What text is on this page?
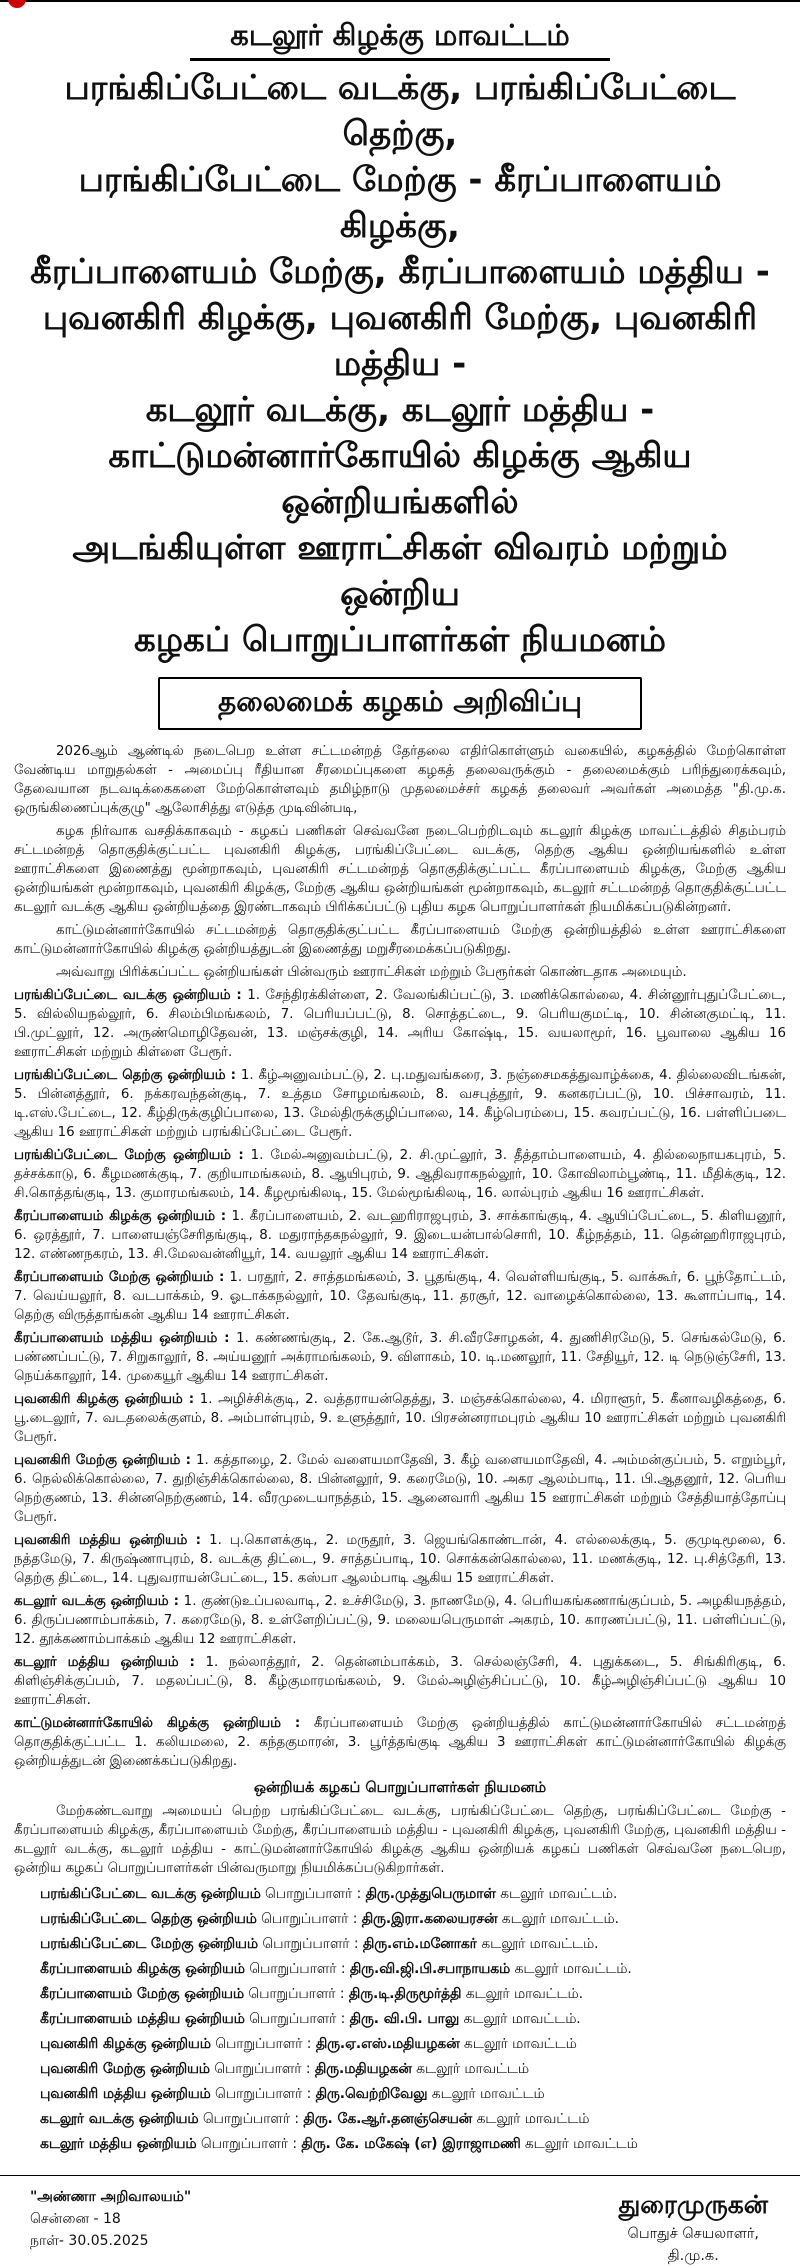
கடலூர் கிழக்கு மாவட்டம்
பரங்கிப்பேட்டை வடக்கு, பரங்கிப்பேட்டை தெற்கு,
பரங்கிப்பேட்டை மேற்கு - கீரப்பாளையம் கிழக்கு,
கீரப்பாளையம் மேற்கு, கீரப்பாளையம் மத்திய -
புவனகிரி கிழக்கு, புவனகிரி மேற்கு, புவனகிரி மத்திய -
கடலூர் வடக்கு, கடலூர் மத்திய -
காட்டுமன்னார்கோயில் கிழக்கு ஆகிய ஒன்றியங்களில்
அடங்கியுள்ள ஊராட்சிகள் விவரம் மற்றும் ஒன்றிய
கழகப் பொறுப்பாளர்கள் நியமனம்
தலைமைக் கழகம் அறிவிப்பு

2026ஆம் ஆண்டில் நடைபெற உள்ள சட்டமன்றத் தேர்தலை எதிர்கொள்ளும் வகையில், கழகத்தில் மேற்கொள்ள வேண்டிய மாறுதல்கள் - அமைப்பு ரீதியான சீரமைப்புகளை கழகத் தலைவருக்கும் - தலைமைக்கும் பரிந்துரைக்கவும், தேவையான நடவடிக்கைகளை மேற்கொள்ளவும் தமிழ்நாடு முதலமைச்சர் கழகத் தலைவர் அவர்கள் அமைத்த "தி.மு.க. ஒருங்கிணைப்புக்குழு" ஆலோசித்து எடுத்த முடிவின்படி,

கழக நிர்வாக வசதிக்காகவும் - கழகப் பணிகள் செவ்வனே நடைபெற்றிடவும் கடலூர் கிழக்கு மாவட்டத்தில் சிதம்பரம் சட்டமன்றத் தொகுதிக்குட்பட்ட புவனகிரி கிழக்கு, பரங்கிப்பேட்டை வடக்கு, தெற்கு ஆகிய ஒன்றியங்களில் உள்ள ஊராட்சிகளை இணைத்து மூன்றாகவும், புவனகிரி சட்டமன்றத் தொகுதிக்குட்பட்ட கீரப்பாளையம் கிழக்கு, மேற்கு ஆகிய ஒன்றியங்கள் மூன்றாகவும், புவனகிரி கிழக்கு, மேற்கு ஆகிய ஒன்றியங்கள் மூன்றாகவும், கடலூர் சட்டமன்றத் தொகுதிக்குட்பட்ட கடலூர் வடக்கு ஆகிய ஒன்றியத்தை இரண்டாகவும் பிரிக்கப்பட்டு புதிய கழக பொறுப்பாளர்கள் நியமிக்கப்படுகின்றனர்.

காட்டுமன்னார்கோயில் சட்டமன்றத் தொகுதிக்குட்பட்ட கீரப்பாளையம் மேற்கு ஒன்றியத்தில் உள்ள ஊராட்சிகளை காட்டுமன்னார்கோயில் கிழக்கு ஒன்றியத்துடன் இணைத்து மறுசீரமைக்கப்படுகிறது.

அவ்வாறு பிரிக்கப்பட்ட ஒன்றியங்கள் பின்வரும் ஊராட்சிகள் மற்றும் பேரூர்கள் கொண்டதாக அமையும்.

பரங்கிப்பேட்டை வடக்கு ஒன்றியம் : 1. சேந்திரக்கிள்ளை, 2. வேலங்கிப்பட்டு, 3. மணிக்கொல்லை, 4. சின்னூர்புதுப்பேட்டை, 5. வில்லியநல்லூர், 6. சிலம்பிமங்கலம், 7. பெரியப்பட்டு, 8. சொத்தட்டை, 9. பெரியகுமட்டி, 10. சின்னகுமட்டி, 11. பி.முட்லூர், 12. அருண்மொழிதேவன், 13. மஞ்சக்குழி, 14. அரிய கோஷ்டி, 15. வயலாமூர், 16. பூவாலை ஆகிய 16 ஊராட்சிகள் மற்றும் கிள்ளை பேரூர்.

பரங்கிப்பேட்டை தெற்கு ஒன்றியம் : 1. கீழ்அனுவம்பட்டு, 2. பு.மதுவங்கரை, 3. நஞ்சைமகத்துவாழ்க்கை, 4. தில்லைவிடங்கன், 5. பின்னத்தூர், 6. நக்கரவந்தன்குடி, 7. உத்தம சோழமங்கலம், 8. வசபுத்தூர், 9. கனகரப்பட்டு, 10. பிச்சாவரம், 11. டி.எஸ்.பேட்டை, 12. கீழ்திருக்குழிப்பாலை, 13. மேல்திருக்குழிப்பாலை, 14. கீழ்பெரம்பை, 15. கவரப்பட்டு, 16. பள்ளிப்படை ஆகிய 16 ஊராட்சிகள் மற்றும் பரங்கிப்பேட்டை பேரூர்.

பரங்கிப்பேட்டை மேற்கு ஒன்றியம் : 1. மேல்அனுவம்பட்டு, 2. சி.முட்லூர், 3. தீத்தாம்பாளையம், 4. தில்லைநாயகபுரம், 5. தச்சக்காடு, 6. கீழமணக்குடி, 7. குறியாமங்கலம், 8. ஆயிபுரம், 9. ஆதிவராகநல்லூர், 10. கோவிலாம்பூண்டி, 11. மீதிக்குடி, 12. சி.கொத்தங்குடி, 13. குமாரமங்கலம், 14. கீழமூங்கிலடி, 15. மேல்மூங்கிலடி, 16. லால்புரம் ஆகிய 16 ஊராட்சிகள்.

கீரப்பாளையம் கிழக்கு ஒன்றியம் : 1. கீரப்பாளையம், 2. வடஹரிராஜபுரம், 3. சாக்காங்குடி, 4. ஆயிப்பேட்டை, 5. கிளியனூர், 6. ஒரத்தூர், 7. பாளையஞ்சேரிதங்குடி, 8. மதுராந்தகநல்லூர், 9. இடையன்பால்சொரி, 10. கீழ்நத்தம், 11. தென்ஹரிராஜபுரம், 12. எண்ணநகரம், 13. சி.மேலவன்னியூர், 14. வயலூர் ஆகிய 14 ஊராட்சிகள்.

கீரப்பாளையம் மேற்கு ஒன்றியம் : 1. பரதூர், 2. சாத்தமங்கலம், 3. பூதங்குடி, 4. வெள்ளியங்குடி, 5. வாக்கூர், 6. பூந்தோட்டம், 7. வெய்யலூர், 8. வடபாக்கம், 9. ஓடாக்கநல்லூர், 10. தேவங்குடி, 11. தரசூர், 12. வாழைக்கொல்லை, 13. கூளாப்பாடி, 14. தெற்கு விருத்தாங்கன் ஆகிய 14 ஊராட்சிகள்.

கீரப்பாளையம் மத்திய ஒன்றியம் : 1. கண்ணங்குடி, 2. கே.ஆடூர், 3. சி.வீரசோழகன், 4. துணிசிரமேடு, 5. செங்கல்மேடு, 6. பண்ணப்பட்டு, 7. சிறுகாலூர், 8. அய்யனூர் அக்ராமங்கலம், 9. விளாகம், 10. டி.மணலூர், 11. சேதியூர், 12. டி நெடுஞ்சேரி, 13. நெய்க்காலூர், 14. முகையூர் ஆகிய 14 ஊராட்சிகள்.

புவனகிரி கிழக்கு ஒன்றியம் : 1. அழிச்சிக்குடி, 2. வத்தராயன்தெத்து, 3. மஞ்சக்கொல்லை, 4. மிராளூர், 5. கீனாவழிகத்தை, 6. பூ.டைலூர், 7. வடதலைக்குளம், 8. அம்பாள்புரம், 9. உளுத்தூர், 10. பிரசன்னராமபுரம் ஆகிய 10 ஊராட்சிகள் மற்றும் புவனகிரி பேரூர்.

புவனகிரி மேற்கு ஒன்றியம் : 1. கத்தாழை, 2. மேல் வளையமாதேவி, 3. கீழ் வளையமாதேவி, 4. அம்மன்குப்பம், 5. எறும்பூர், 6. நெல்லிக்கொல்லை, 7. துறிஞ்சிக்கொல்லை, 8. பின்னலூர், 9. கரைமேடு, 10. அகர ஆலம்பாடி, 11. பி.ஆதனூர், 12. பெரிய நெற்குணம், 13. சின்னநெற்குணம், 14. வீரமுடையாநத்தம், 15. ஆனைவாரி ஆகிய 15 ஊராட்சிகள் மற்றும் சேத்தியாத்தோப்பு பேரூர்.

புவனகிரி மத்திய ஒன்றியம் : 1. பு.கொளக்குடி, 2. மருதூர், 3. ஜெயங்கொண்டான், 4. எல்லைக்குடி, 5. குமுடிமூலை, 6. நத்தமேடு, 7. கிருஷ்ணாபுரம், 8. வடக்கு திட்டை, 9. சாத்தப்பாடி, 10. சொக்கன்கொல்லை, 11. மணக்குடி, 12. பு.சித்தேரி, 13. தெற்கு திட்டை, 14. புதுவராயன்பேட்டை, 15. கஸ்பா ஆலம்பாடி ஆகிய 15 ஊராட்சிகள்.

கடலூர் வடக்கு ஒன்றியம் : 1. குண்டுஉப்பலவாடி, 2. உச்சிமேடு, 3. நாணமேடு, 4. பெரியகங்கணாங்குப்பம், 5. அழகியநத்தம், 6. திருப்பணாம்பாக்கம், 7. கரைமேடு, 8. உள்ளேறிப்பட்டு, 9. மலையபெருமாள் அகரம், 10. காரணப்பட்டு, 11. பள்ளிப்பட்டு, 12. தூக்கணாம்பாக்கம் ஆகிய 12 ஊராட்சிகள்.

கடலூர் மத்திய ஒன்றியம் : 1. நல்லாத்தூர், 2. தென்னம்பாக்கம், 3. செல்லஞ்சேரி, 4. புதுக்கடை, 5. சிங்கிரிகுடி, 6. கிளிஞ்சிக்குப்பம், 7. மதலப்பட்டு, 8. கீழ்குமாரமங்கலம், 9. மேல்அழிஞ்சிப்பட்டு, 10. கீழ்அழிஞ்சிப்பட்டு ஆகிய 10 ஊராட்சிகள்.

காட்டுமன்னார்கோயில் கிழக்கு ஒன்றியம் : கீரப்பாளையம் மேற்கு ஒன்றியத்தில் காட்டுமன்னார்கோயில் சட்டமன்றத் தொகுதிக்குட்பட்ட 1. கலியமலை, 2. கந்தகுமாரன், 3. பூர்த்தங்குடி ஆகிய 3 ஊராட்சிகள் காட்டுமன்னார்கோயில் கிழக்கு ஒன்றியத்துடன் இணைக்கப்படுகிறது.

ஒன்றியக் கழகப் பொறுப்பாளர்கள் நியமனம்

மேற்கண்டவாறு அமையப் பெற்ற பரங்கிப்பேட்டை வடக்கு, பரங்கிப்பேட்டை தெற்கு, பரங்கிப்பேட்டை மேற்கு - கீரப்பாளையம் கிழக்கு, கீரப்பாளையம் மேற்கு, கீரப்பாளையம் மத்திய - புவனகிரி கிழக்கு, புவனகிரி மேற்கு, புவனகிரி மத்திய - கடலூர் வடக்கு, கடலூர் மத்திய - காட்டுமன்னார்கோயில் கிழக்கு ஆகிய ஒன்றியக் கழகப் பணிகள் செவ்வனே நடைபெற, ஒன்றிய கழகப் பொறுப்பாளர்கள் பின்வருமாறு நியமிக்கப்படுகிறார்கள்.

பரங்கிப்பேட்டை வடக்கு ஒன்றியம் பொறுப்பாளர் : திரு.முத்துபெருமாள் கடலூர் மாவட்டம்.
பரங்கிப்பேட்டை தெற்கு ஒன்றியம் பொறுப்பாளர் : திரு.இரா.கலையரசன் கடலூர் மாவட்டம்.
பரங்கிப்பேட்டை மேற்கு ஒன்றியம் பொறுப்பாளர் : திரு.எம்.மனோகர் கடலூர் மாவட்டம்.
கீரப்பாளையம் கிழக்கு ஒன்றியம் பொறுப்பாளர் : திரு.வி.ஜி.பி.சபாநாயகம் கடலூர் மாவட்டம்.
கீரப்பாளையம் மேற்கு ஒன்றியம் பொறுப்பாளர் : திரு.டி.திருமூர்த்தி கடலூர் மாவட்டம்.
கீரப்பாளையம் மத்திய ஒன்றியம் பொறுப்பாளர் : திரு. வி.பி. பாலு கடலூர் மாவட்டம்.
புவனகிரி கிழக்கு ஒன்றியம் பொறுப்பாளர் : திரு.ஏ.எஸ்.மதியழகன் கடலூர் மாவட்டம்
புவனகிரி மேற்கு ஒன்றியம் பொறுப்பாளர் : திரு.மதியழகன் கடலூர் மாவட்டம்
புவனகிரி மத்திய ஒன்றியம் பொறுப்பாளர் : திரு.வெற்றிவேலு கடலூர் மாவட்டம்
கடலூர் வடக்கு ஒன்றியம் பொறுப்பாளர் : திரு. கே.ஆர்.தனஞ்செயன் கடலூர் மாவட்டம்
கடலூர் மத்திய ஒன்றியம் பொறுப்பாளர் : திரு. கே. மகேஷ் (எ) இராஜாமணி கடலூர் மாவட்டம்
"அண்ணா அறிவாலயம்"
சென்னை - 18
நாள்- 30.05.2025
துரைமுருகன்
பொதுச் செயலாளர்,
தி.மு.க.
